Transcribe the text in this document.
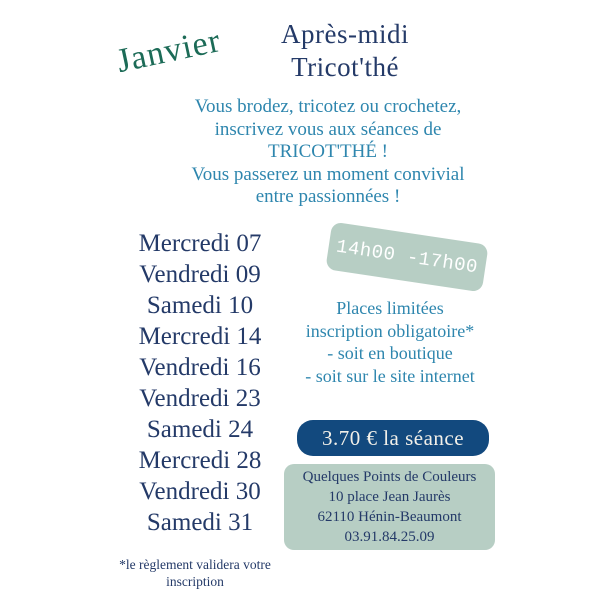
Janvier	Après-midi
Tricot'thé
Vous brodez, tricotez ou crochetez,
inscrivez vous aux séances de
TRICOT'THÉ !
Vous passerez un moment convivial
entre passionnées !
Mercredi 07
Vendredi 09
Samedi 10
Mercredi 14
Vendredi 16
Vendredi 23
Samedi 24
Mercredi 28
Vendredi 30
Samedi 31
14h00 -17h00
Places limitées
inscription obligatoire*
- soit en boutique
- soit sur le site internet
3.70 € la séance
Quelques Points de Couleurs
10 place Jean Jaurès
62110 Hénin-Beaumont
03.91.84.25.09
*le règlement validera votre
inscription
